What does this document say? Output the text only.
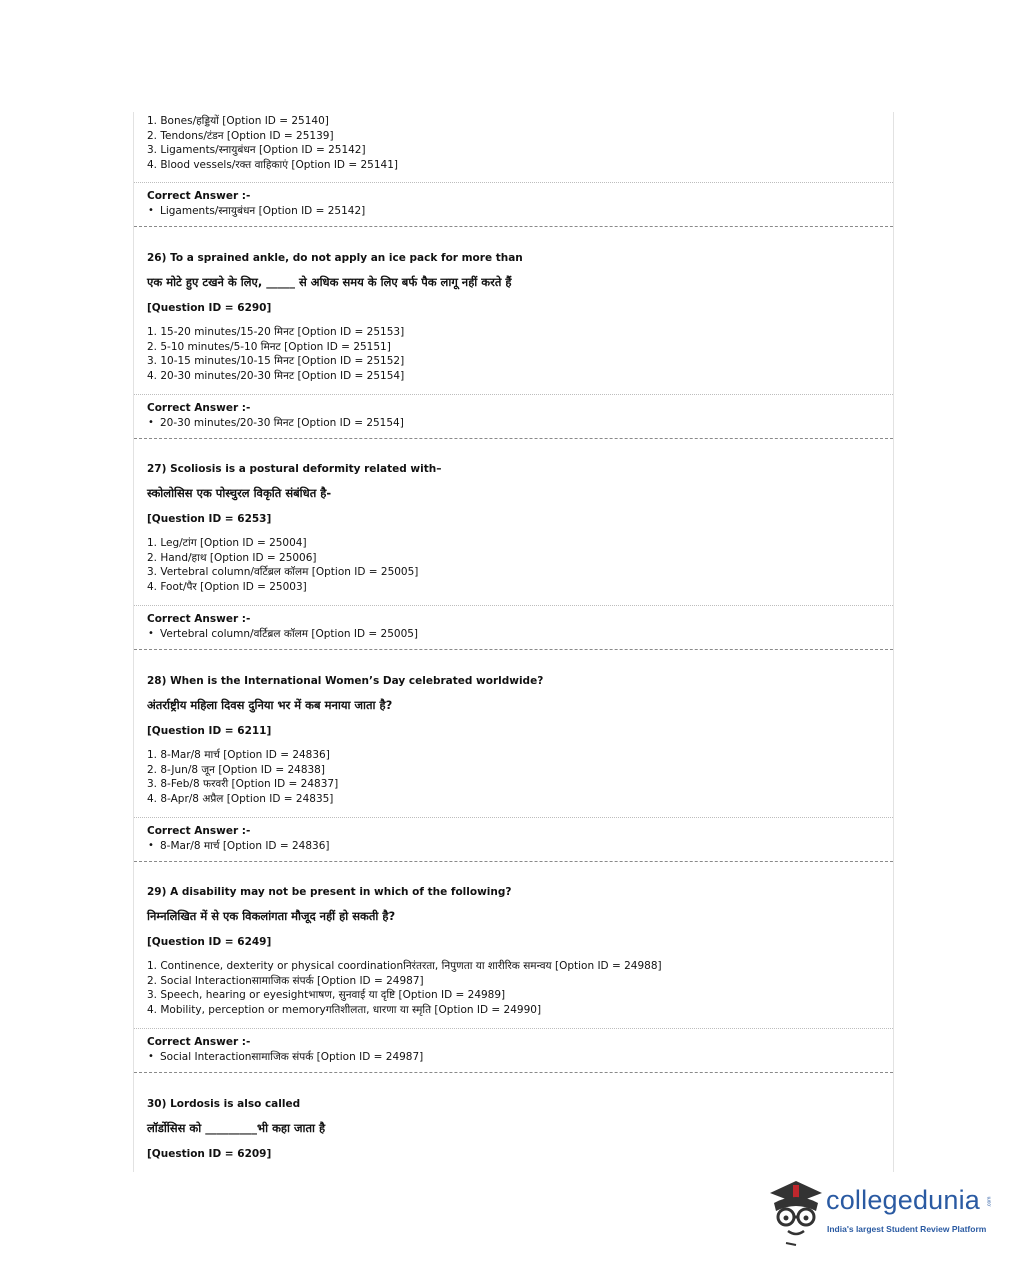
1. Bones/हड्डियों [Option ID = 25140]
2. Tendons/टंडन [Option ID = 25139]
3. Ligaments/स्नायुबंधन [Option ID = 25142]
4. Blood vessels/रक्त वाहिकाएं [Option ID = 25141]
Correct Answer :-
• Ligaments/स्नायुबंधन [Option ID = 25142]
26) To a sprained ankle, do not apply an ice pack for more than
एक मोटे हुए टखने के लिए, _____ से अधिक समय के लिए बर्फ पैक लागू नहीं करते हैं
[Question ID = 6290]
1. 15-20 minutes/15-20 मिनट [Option ID = 25153]
2. 5-10 minutes/5-10 मिनट [Option ID = 25151]
3. 10-15 minutes/10-15 मिनट [Option ID = 25152]
4. 20-30 minutes/20-30 मिनट [Option ID = 25154]
Correct Answer :-
• 20-30 minutes/20-30 मिनट [Option ID = 25154]
27) Scoliosis is a postural deformity related with–
स्कोलोसिस एक पोस्चुरल विकृति संबंधित है-
[Question ID = 6253]
1. Leg/टांग [Option ID = 25004]
2. Hand/हाथ [Option ID = 25006]
3. Vertebral column/वर्टिब्रल कॉलम [Option ID = 25005]
4. Foot/पैर [Option ID = 25003]
Correct Answer :-
• Vertebral column/वर्टिब्रल कॉलम [Option ID = 25005]
28) When is the International Women’s Day celebrated worldwide?
अंतर्राष्ट्रीय महिला दिवस दुनिया भर में कब मनाया जाता है?
[Question ID = 6211]
1. 8-Mar/8 मार्च [Option ID = 24836]
2. 8-Jun/8 जून [Option ID = 24838]
3. 8-Feb/8 फरवरी [Option ID = 24837]
4. 8-Apr/8 अप्रैल [Option ID = 24835]
Correct Answer :-
• 8-Mar/8 मार्च [Option ID = 24836]
29) A disability may not be present in which of the following?
निम्नलिखित में से एक विकलांगता मौजूद नहीं हो सकती है?
[Question ID = 6249]
1. Continence, dexterity or physical coordinationनिरंतरता, निपुणता या शारीरिक समन्वय [Option ID = 24988]
2. Social Interactionसामाजिक संपर्क [Option ID = 24987]
3. Speech, hearing or eyesightभाषण, सुनवाई या दृष्टि [Option ID = 24989]
4. Mobility, perception or memoryगतिशीलता, धारणा या स्मृति [Option ID = 24990]
Correct Answer :-
• Social Interactionसामाजिक संपर्क [Option ID = 24987]
30) Lordosis is also called
लॉर्डोसिस को _________भी कहा जाता है
[Question ID = 6209]
collegedunia .com
India's largest Student Review Platform
